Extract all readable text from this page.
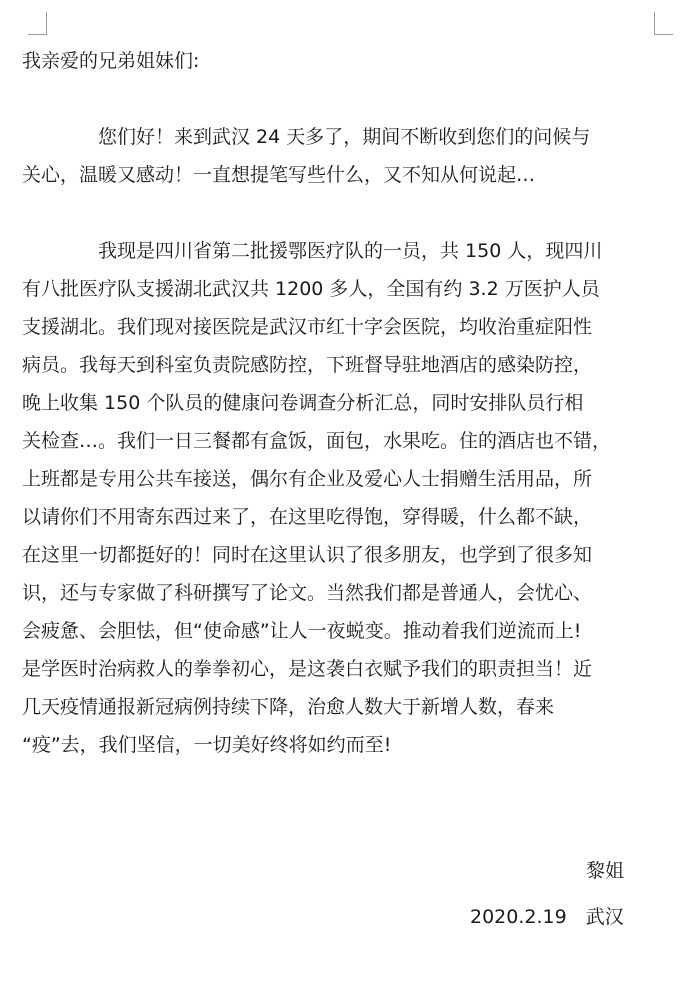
我亲爱的兄弟姐妹们:

　　　　您们好！来到武汉 24 天多了，期间不断收到您们的问候与

关心，温暖又感动！一直想提笔写些什么，又不知从何说起…

　　　　我现是四川省第二批援鄂医疗队的一员，共 150 人，现四川

有八批医疗队支援湖北武汉共 1200 多人，全国有约 3.2 万医护人员

支援湖北。我们现对接医院是武汉市红十字会医院，均收治重症阳性

病员。我每天到科室负责院感防控，下班督导驻地酒店的感染防控，

晚上收集 150 个队员的健康问卷调查分析汇总，同时安排队员行相

关检查…。我们一日三餐都有盒饭，面包，水果吃。住的酒店也不错，

上班都是专用公共车接送，偶尔有企业及爱心人士捐赠生活用品，所

以请你们不用寄东西过来了，在这里吃得饱，穿得暖，什么都不缺，

在这里一切都挺好的！同时在这里认识了很多朋友，也学到了很多知

识，还与专家做了科研撰写了论文。当然我们都是普通人，会忧心、

会疲惫、会胆怯，但“使命感”让人一夜蜕变。推动着我们逆流而上!

是学医时治病救人的拳拳初心，是这袭白衣赋予我们的职责担当！近

几天疫情通报新冠病例持续下降，治愈人数大于新增人数，春来

“疫”去，我们坚信，一切美好终将如约而至!

黎姐
2020.2.19　武汉
